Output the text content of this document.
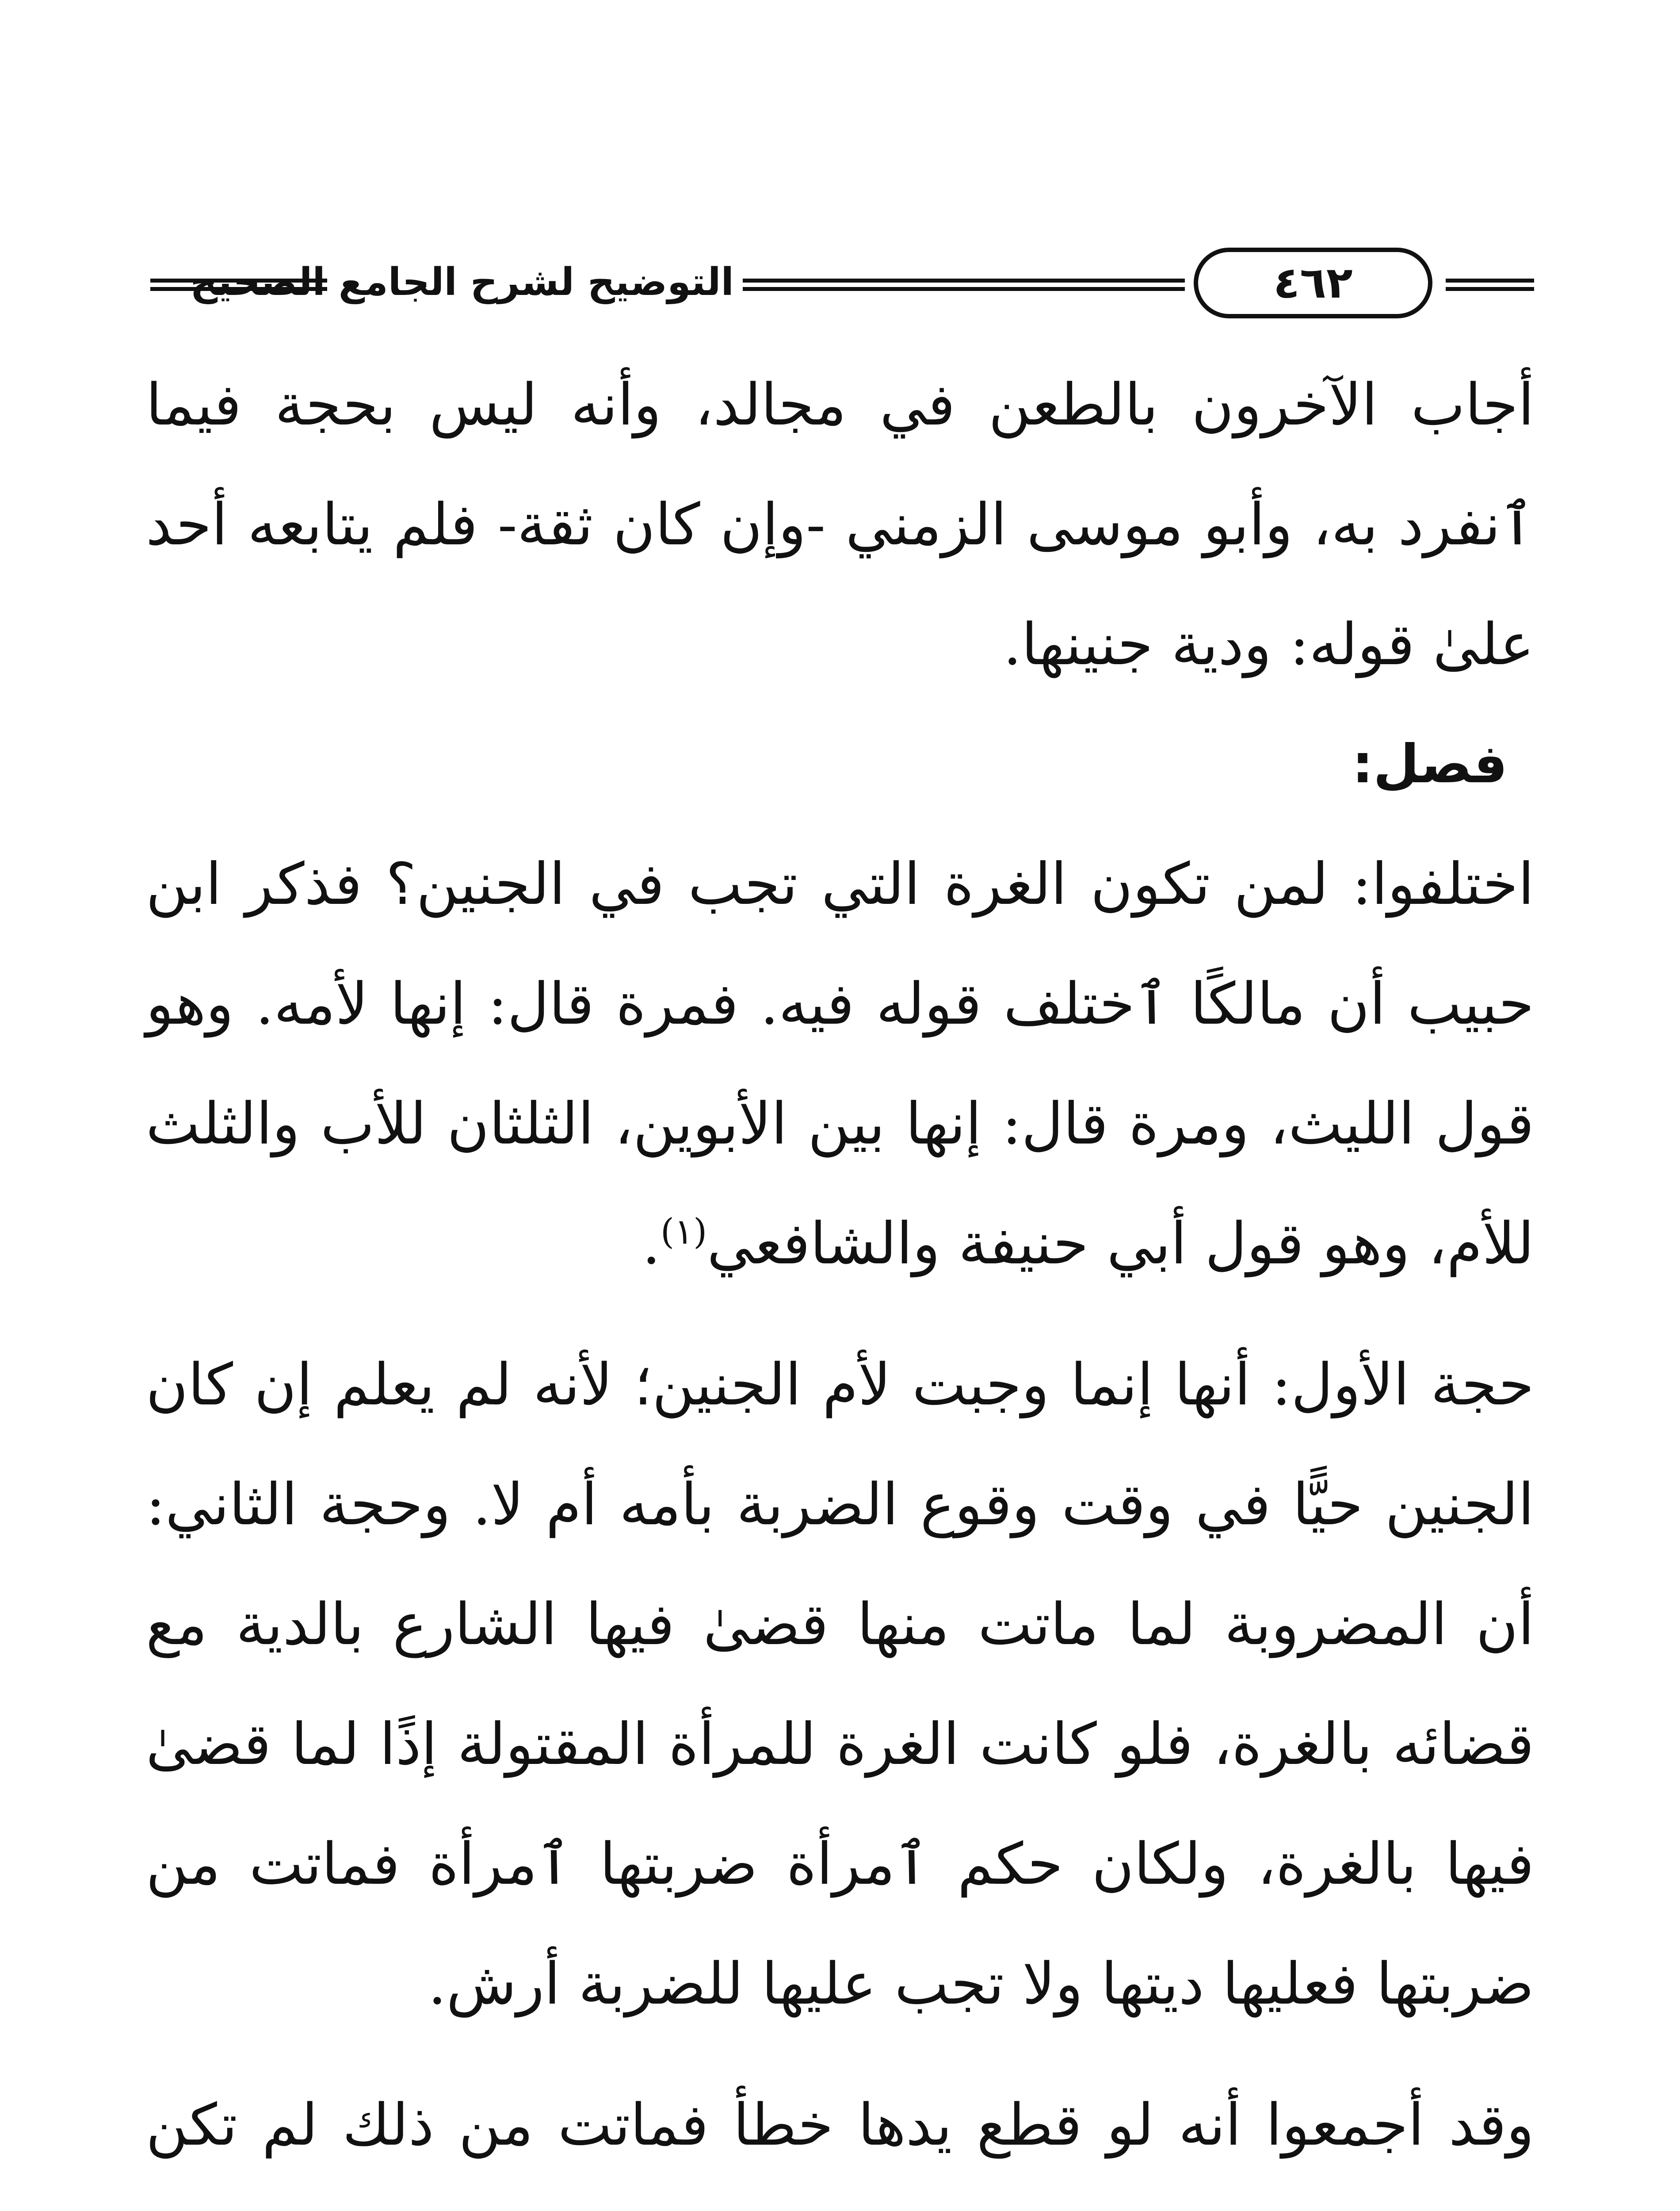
التوضيح لشرح الجامع الصحيح	٤٦٢

أجاب الآخرون بالطعن في مجالد، وأنه ليس بحجة فيما ٱنفرد به، وأبو موسى الزمني -وإن كان ثقة- فلم يتابعه أحد علىٰ قوله: ودية جنينها.

فصل:

اختلفوا: لمن تكون الغرة التي تجب في الجنين؟ فذكر ابن حبيب أن مالكًا ٱختلف قوله فيه. فمرة قال: إنها لأمه. وهو قول الليث، ومرة قال: إنها بين الأبوين، الثلثان للأب والثلث للأم، وهو قول أبي حنيفة والشافعي$^{(١)}$.

حجة الأول: أنها إنما وجبت لأم الجنين؛ لأنه لم يعلم إن كان الجنين حيًّا في وقت وقوع الضربة بأمه أم لا. وحجة الثاني: أن المضروبة لما ماتت منها قضىٰ فيها الشارع بالدية مع قضائه بالغرة، فلو كانت الغرة للمرأة المقتولة إذًا لما قضىٰ فيها بالغرة، ولكان حكم ٱمرأة ضربتها ٱمرأة فماتت من ضربتها فعليها ديتها ولا تجب عليها للضربة أرش.

وقد أجمعوا أنه لو قطع يدها خطأ فماتت من ذلك لم تكن
